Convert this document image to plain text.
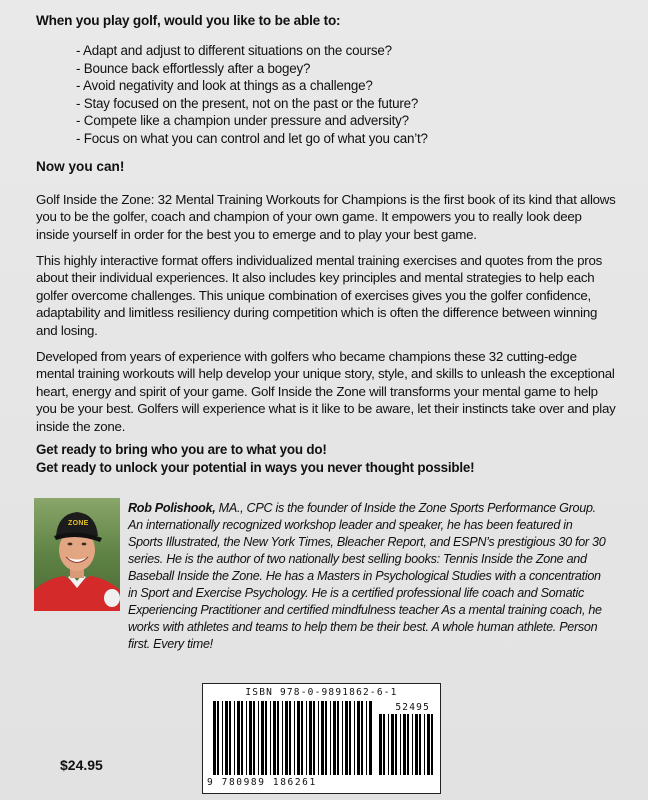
When you play golf, would you like to be able to:
- Adapt and adjust to different situations on the course?
- Bounce back effortlessly after a bogey?
- Avoid negativity and look at things as a challenge?
- Stay focused on the present, not on the past or the future?
- Compete like a champion under pressure and adversity?
- Focus on what you can control and let go of what you can’t?
Now you can!

Golf Inside the Zone: 32 Mental Training Workouts for Champions is the first book of its kind that allows you to be the golfer, coach and champion of your own game. It empowers you to really look deep inside yourself in order for the best you to emerge and to play your best game.

This highly interactive format offers individualized mental training exercises and quotes from the pros about their individual experiences. It also includes key principles and mental strategies to help each golfer overcome challenges. This unique combination of exercises gives you the golfer confidence, adaptability and limitless resiliency during competition which is often the difference between winning and losing.

Developed from years of experience with golfers who became champions these 32 cutting-edge mental training workouts will help develop your unique story, style, and skills to unleash the exceptional heart, energy and spirit of your game. Golf Inside the Zone will transforms your mental game to help you be your best. Golfers will experience what is it like to be aware, let their instincts take over and play inside the zone.

Get ready to bring who you are to what you do!
Get ready to unlock your potential in ways you never thought possible!
ZONE

Rob Polishook, MA., CPC is the founder of Inside the Zone Sports Performance Group. An internationally recognized workshop leader and speaker, he has been featured in Sports Illustrated, the New York Times, Bleacher Report, and ESPN’s prestigious 30 for 30 series. He is the author of two nationally best selling books: Tennis Inside the Zone and Baseball Inside the Zone. He has a Masters in Psychological Studies with a concentration in Sport and Exercise Psychology. He is a certified professional life coach and Somatic Experiencing Practitioner and certified mindfulness teacher As a mental training coach, he works with athletes and teams to help them be their best. A whole human athlete. Person first. Every time!

ISBN 978-0-9891862-6-1
52495
9 780989 186261
$24.95
